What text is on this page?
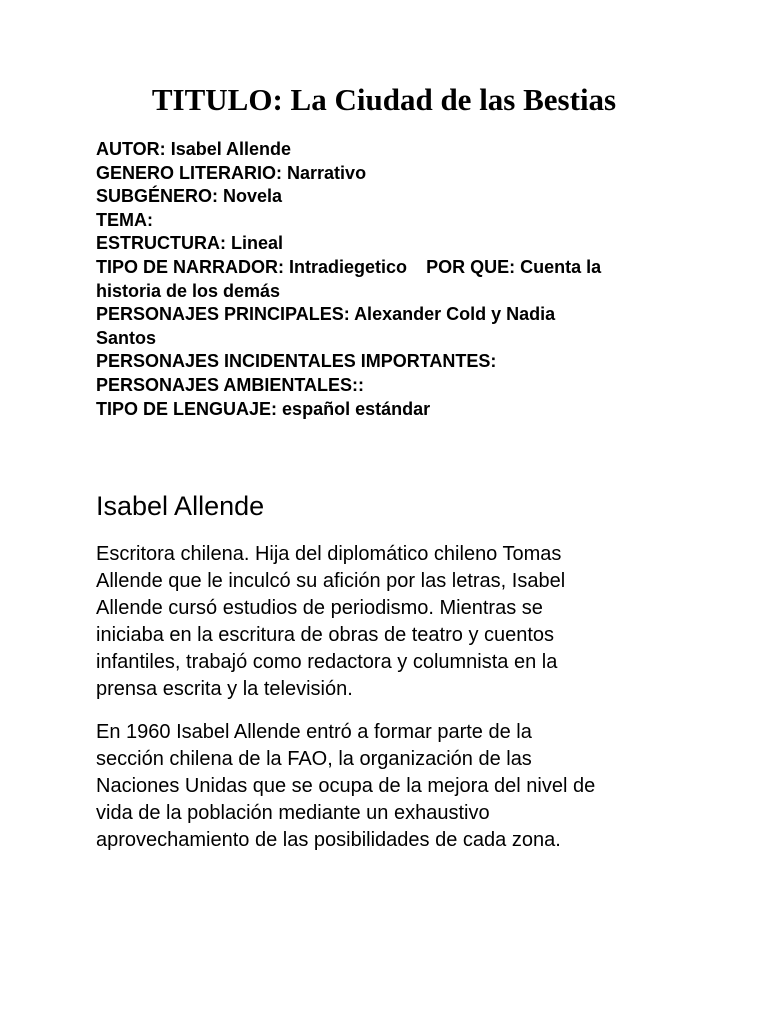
TITULO: La Ciudad de las Bestias
AUTOR: Isabel Allende
GENERO LITERARIO: Narrativo
SUBGÉNERO: Novela
TEMA:
ESTRUCTURA: Lineal
TIPO DE NARRADOR: Intradiegetico POR QUE: Cuenta la
historia de los demás
PERSONAJES PRINCIPALES: Alexander Cold y Nadia
Santos
PERSONAJES INCIDENTALES IMPORTANTES:
PERSONAJES AMBIENTALES::
TIPO DE LENGUAJE: español estándar
Isabel Allende

Escritora chilena. Hija del diplomático chileno Tomas
Allende que le inculcó su afición por las letras, Isabel
Allende cursó estudios de periodismo. Mientras se
iniciaba en la escritura de obras de teatro y cuentos
infantiles, trabajó como redactora y columnista en la
prensa escrita y la televisión.

En 1960 Isabel Allende entró a formar parte de la
sección chilena de la FAO, la organización de las
Naciones Unidas que se ocupa de la mejora del nivel de
vida de la población mediante un exhaustivo
aprovechamiento de las posibilidades de cada zona.
